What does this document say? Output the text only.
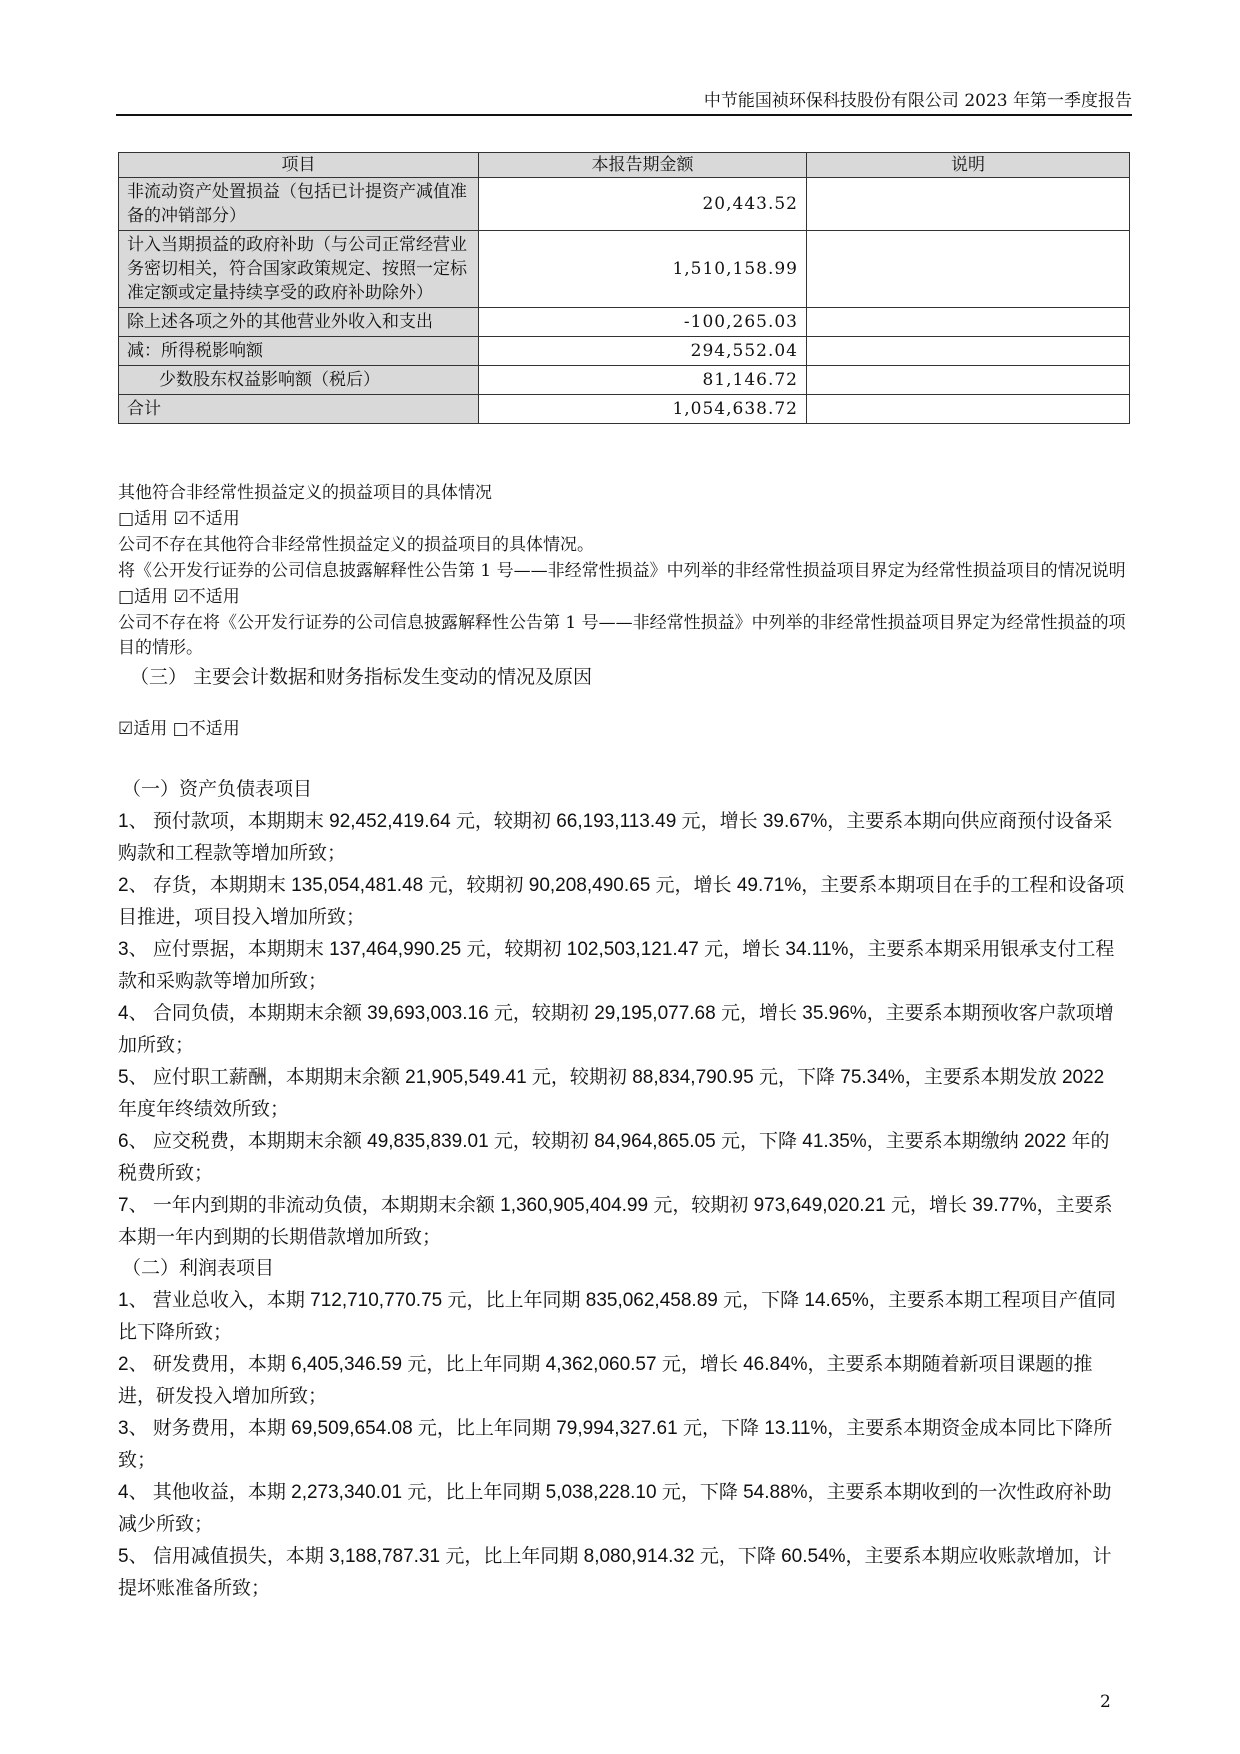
中节能国祯环保科技股份有限公司 2023 年第一季度报告
项目	本报告期金额	说明
非流动资产处置损益（包括已计提资产减值准备的冲销部分）	20,443.52	
计入当期损益的政府补助（与公司正常经营业务密切相关，符合国家政策规定、按照一定标准定额或定量持续享受的政府补助除外）	1,510,158.99	
除上述各项之外的其他营业外收入和支出	-100,265.03	
减：所得税影响额	294,552.04	
少数股东权益影响额（税后）	81,146.72	
合计	1,054,638.72	

其他符合非经常性损益定义的损益项目的具体情况

□适用 ☑不适用

公司不存在其他符合非经常性损益定义的损益项目的具体情况。

将《公开发行证券的公司信息披露解释性公告第 1 号——非经常性损益》中列举的非经常性损益项目界定为经常性损益项目的情况说明

□适用 ☑不适用

公司不存在将《公开发行证券的公司信息披露解释性公告第 1 号——非经常性损益》中列举的非经常性损益项目界定为经常性损益的项目的情形。

（三） 主要会计数据和财务指标发生变动的情况及原因

☑适用 □不适用

（一）资产负债表项目

1、 预付款项，本期期末 92,452,419.64 元，较期初 66,193,113.49 元，增长 39.67%，主要系本期向供应商预付设备采购款和工程款等增加所致；

2、 存货，本期期末 135,054,481.48 元，较期初 90,208,490.65 元，增长 49.71%，主要系本期项目在手的工程和设备项目推进，项目投入增加所致；

3、 应付票据，本期期末 137,464,990.25 元，较期初 102,503,121.47 元，增长 34.11%，主要系本期采用银承支付工程款和采购款等增加所致；

4、 合同负债，本期期末余额 39,693,003.16 元，较期初 29,195,077.68 元，增长 35.96%，主要系本期预收客户款项增加所致；

5、 应付职工薪酬，本期期末余额 21,905,549.41 元，较期初 88,834,790.95 元，下降 75.34%，主要系本期发放 2022 年度年终绩效所致；

6、 应交税费，本期期末余额 49,835,839.01 元，较期初 84,964,865.05 元，下降 41.35%，主要系本期缴纳 2022 年的税费所致；

7、 一年内到期的非流动负债，本期期末余额 1,360,905,404.99 元，较期初 973,649,020.21 元，增长 39.77%，主要系本期一年内到期的长期借款增加所致；

（二）利润表项目

1、 营业总收入，本期 712,710,770.75 元，比上年同期 835,062,458.89 元，下降 14.65%，主要系本期工程项目产值同比下降所致；

2、 研发费用，本期 6,405,346.59 元，比上年同期 4,362,060.57 元，增长 46.84%，主要系本期随着新项目课题的推进，研发投入增加所致；

3、 财务费用，本期 69,509,654.08 元，比上年同期 79,994,327.61 元，下降 13.11%，主要系本期资金成本同比下降所致；

4、 其他收益，本期 2,273,340.01 元，比上年同期 5,038,228.10 元，下降 54.88%，主要系本期收到的一次性政府补助减少所致；

5、 信用减值损失，本期 3,188,787.31 元，比上年同期 8,080,914.32 元，下降 60.54%，主要系本期应收账款增加，计提坏账准备所致；

2
